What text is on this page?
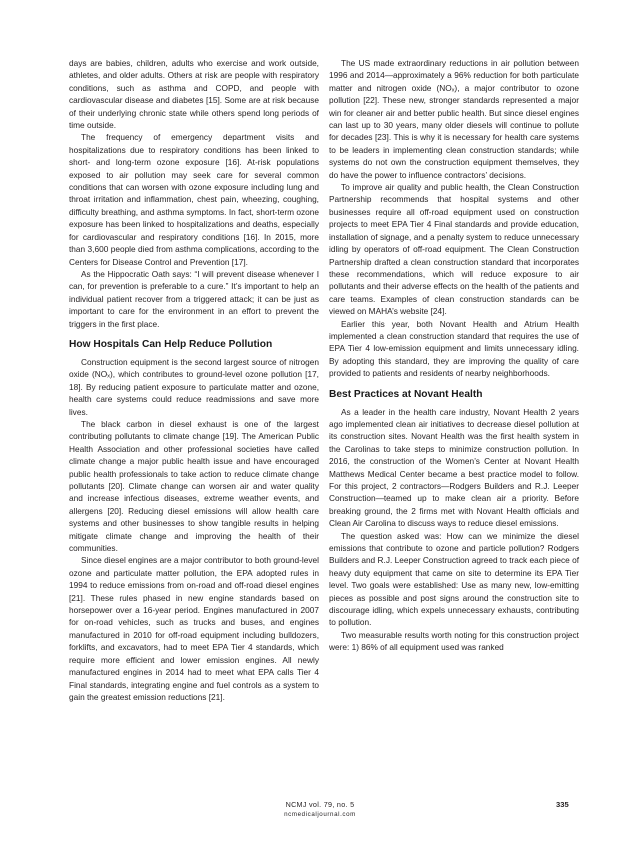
days are babies, children, adults who exercise and work outside, athletes, and older adults. Others at risk are people with respiratory conditions, such as asthma and COPD, and people with cardiovascular disease and diabetes [15]. Some are at risk because of their underlying chronic state while others spend long periods of time outside.

The frequency of emergency department visits and hospitalizations due to respiratory conditions has been linked to short- and long-term ozone exposure [16]. At-risk populations exposed to air pollution may seek care for several common conditions that can worsen with ozone exposure including lung and throat irritation and inflammation, chest pain, wheezing, coughing, difficulty breathing, and asthma symptoms. In fact, short-term ozone exposure has been linked to hospitalizations and deaths, especially for cardiovascular and respiratory conditions [16]. In 2015, more than 3,600 people died from asthma complications, according to the Centers for Disease Control and Prevention [17].

As the Hippocratic Oath says: “I will prevent disease whenever I can, for prevention is preferable to a cure.” It’s important to help an individual patient recover from a triggered attack; it can be just as important to care for the environment in an effort to prevent the triggers in the first place.

How Hospitals Can Help Reduce Pollution

Construction equipment is the second largest source of nitrogen oxide (NOₓ), which contributes to ground-level ozone pollution [17, 18]. By reducing patient exposure to particulate matter and ozone, health care systems could reduce readmissions and save more lives.

The black carbon in diesel exhaust is one of the largest contributing pollutants to climate change [19]. The American Public Health Association and other professional societies have called climate change a major public health issue and have encouraged public health professionals to take action to reduce climate change pollutants [20]. Climate change can worsen air and water quality and increase infectious diseases, extreme weather events, and allergens [20]. Reducing diesel emissions will allow health care systems and other businesses to show tangible results in helping mitigate climate change and improving the health of their communities.

Since diesel engines are a major contributor to both ground-level ozone and particulate matter pollution, the EPA adopted rules in 1994 to reduce emissions from on-road and off-road diesel engines [21]. These rules phased in new engine standards based on horsepower over a 16-year period. Engines manufactured in 2007 for on-road vehicles, such as trucks and buses, and engines manufactured in 2010 for off-road equipment including bulldozers, forklifts, and excavators, had to meet EPA Tier 4 standards, which require more efficient and lower emission engines. All newly manufactured engines in 2014 had to meet what EPA calls Tier 4 Final standards, integrating engine and fuel controls as a system to gain the greatest emission reductions [21].

The US made extraordinary reductions in air pollution between 1996 and 2014—approximately a 96% reduction for both particulate matter and nitrogen oxide (NOₓ), a major contributor to ozone pollution [22]. These new, stronger standards represented a major win for cleaner air and better public health. But since diesel engines can last up to 30 years, many older diesels will continue to pollute for decades [23]. This is why it is necessary for health care systems to be leaders in implementing clean construction standards; while systems do not own the construction equipment themselves, they do have the power to influence contractors’ decisions.

To improve air quality and public health, the Clean Construction Partnership recommends that hospital systems and other businesses require all off-road equipment used on construction projects to meet EPA Tier 4 Final standards and provide education, installation of signage, and a penalty system to reduce unnecessary idling by operators of off-road equipment. The Clean Construction Partnership drafted a clean construction standard that incorporates these recommendations, which will reduce exposure to air pollutants and their adverse effects on the health of the patients and care teams. Examples of clean construction standards can be viewed on MAHA’s website [24].

Earlier this year, both Novant Health and Atrium Health implemented a clean construction standard that requires the use of EPA Tier 4 low-emission equipment and limits unnecessary idling. By adopting this standard, they are improving the quality of care provided to patients and residents of nearby neighborhoods.

Best Practices at Novant Health

As a leader in the health care industry, Novant Health 2 years ago implemented clean air initiatives to decrease diesel pollution at its construction sites. Novant Health was the first health system in the Carolinas to take steps to minimize construction pollution. In 2016, the construction of the Women’s Center at Novant Health Matthews Medical Center became a best practice model to follow. For this project, 2 contractors—Rodgers Builders and R.J. Leeper Construction—teamed up to make clean air a priority. Before breaking ground, the 2 firms met with Novant Health officials and Clean Air Carolina to discuss ways to reduce diesel emissions.

The question asked was: How can we minimize the diesel emissions that contribute to ozone and particle pollution? Rodgers Builders and R.J. Leeper Construction agreed to track each piece of heavy duty equipment that came on site to determine its EPA Tier level. Two goals were established: Use as many new, low-emitting pieces as possible and post signs around the construction site to discourage idling, which expels unnecessary exhausts, contributing to pollution.

Two measurable results worth noting for this construction project were: 1) 86% of all equipment used was ranked

NCMJ vol. 79, no. 5
ncmedicaljournal.com
335
